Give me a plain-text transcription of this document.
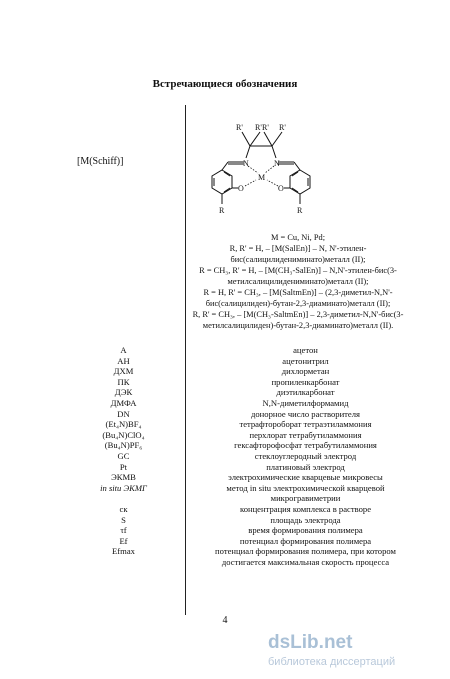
Встречающиеся обозначения
[M(Schiff)]
R' R' R' R'
N	N
M
O	O
R	R
M = Cu, Ni, Pd;
R, R' = H, – [M(SalEn)] – N, N'-этилен-
бис(салицилидениминато)металл (II);
R = CH₃, R' = H, – [M(CH₃-SalEn)] – N,N'-этилен-бис(3-
метилсалицилидениминато)металл (II);
R = H, R' = CH₃, – [M(SaltmEn)] – (2,3-диметил-N,N'-
бис(салицилиден)-бутан-2,3-диаминато)металл (II);
R, R' = CH₃, – [M(CH₃-SaltmEn)] – 2,3-диметил-N,N'-бис(3-
метилсалицилиден)-бутан-2,3-диаминато)металл (II).
А	ацетон
АН	ацетонитрил
ДХМ	дихлорметан
ПК	пропиленкарбонат
ДЭК	диэтилкарбонат
ДМФА	N,N-диметилформамид
DN	донорное число растворителя
(Et₄N)BF₄	тетрафтороборат тетраэтиламмония
(Bu₄N)ClO₄	перхлорат тетрабутиламмония
(Bu₄N)PF₆	гексафторофосфат тетрабутиламмония
GC	стеклоуглеродный электрод
Pt	платиновый электрод
ЭКМВ	электрохимические кварцевые микровесы
in situ ЭКМГ	метод in situ электрохимической кварцевой микрогравиметрии
cк	концентрация комплекса в растворе
S	площадь электрода
τf	время формирования полимера
Ef	потенциал формирования полимера
Efmax	потенциал формирования полимера, при котором достигается максимальная скорость процесса
4
dsLib.net
библиотека диссертаций
